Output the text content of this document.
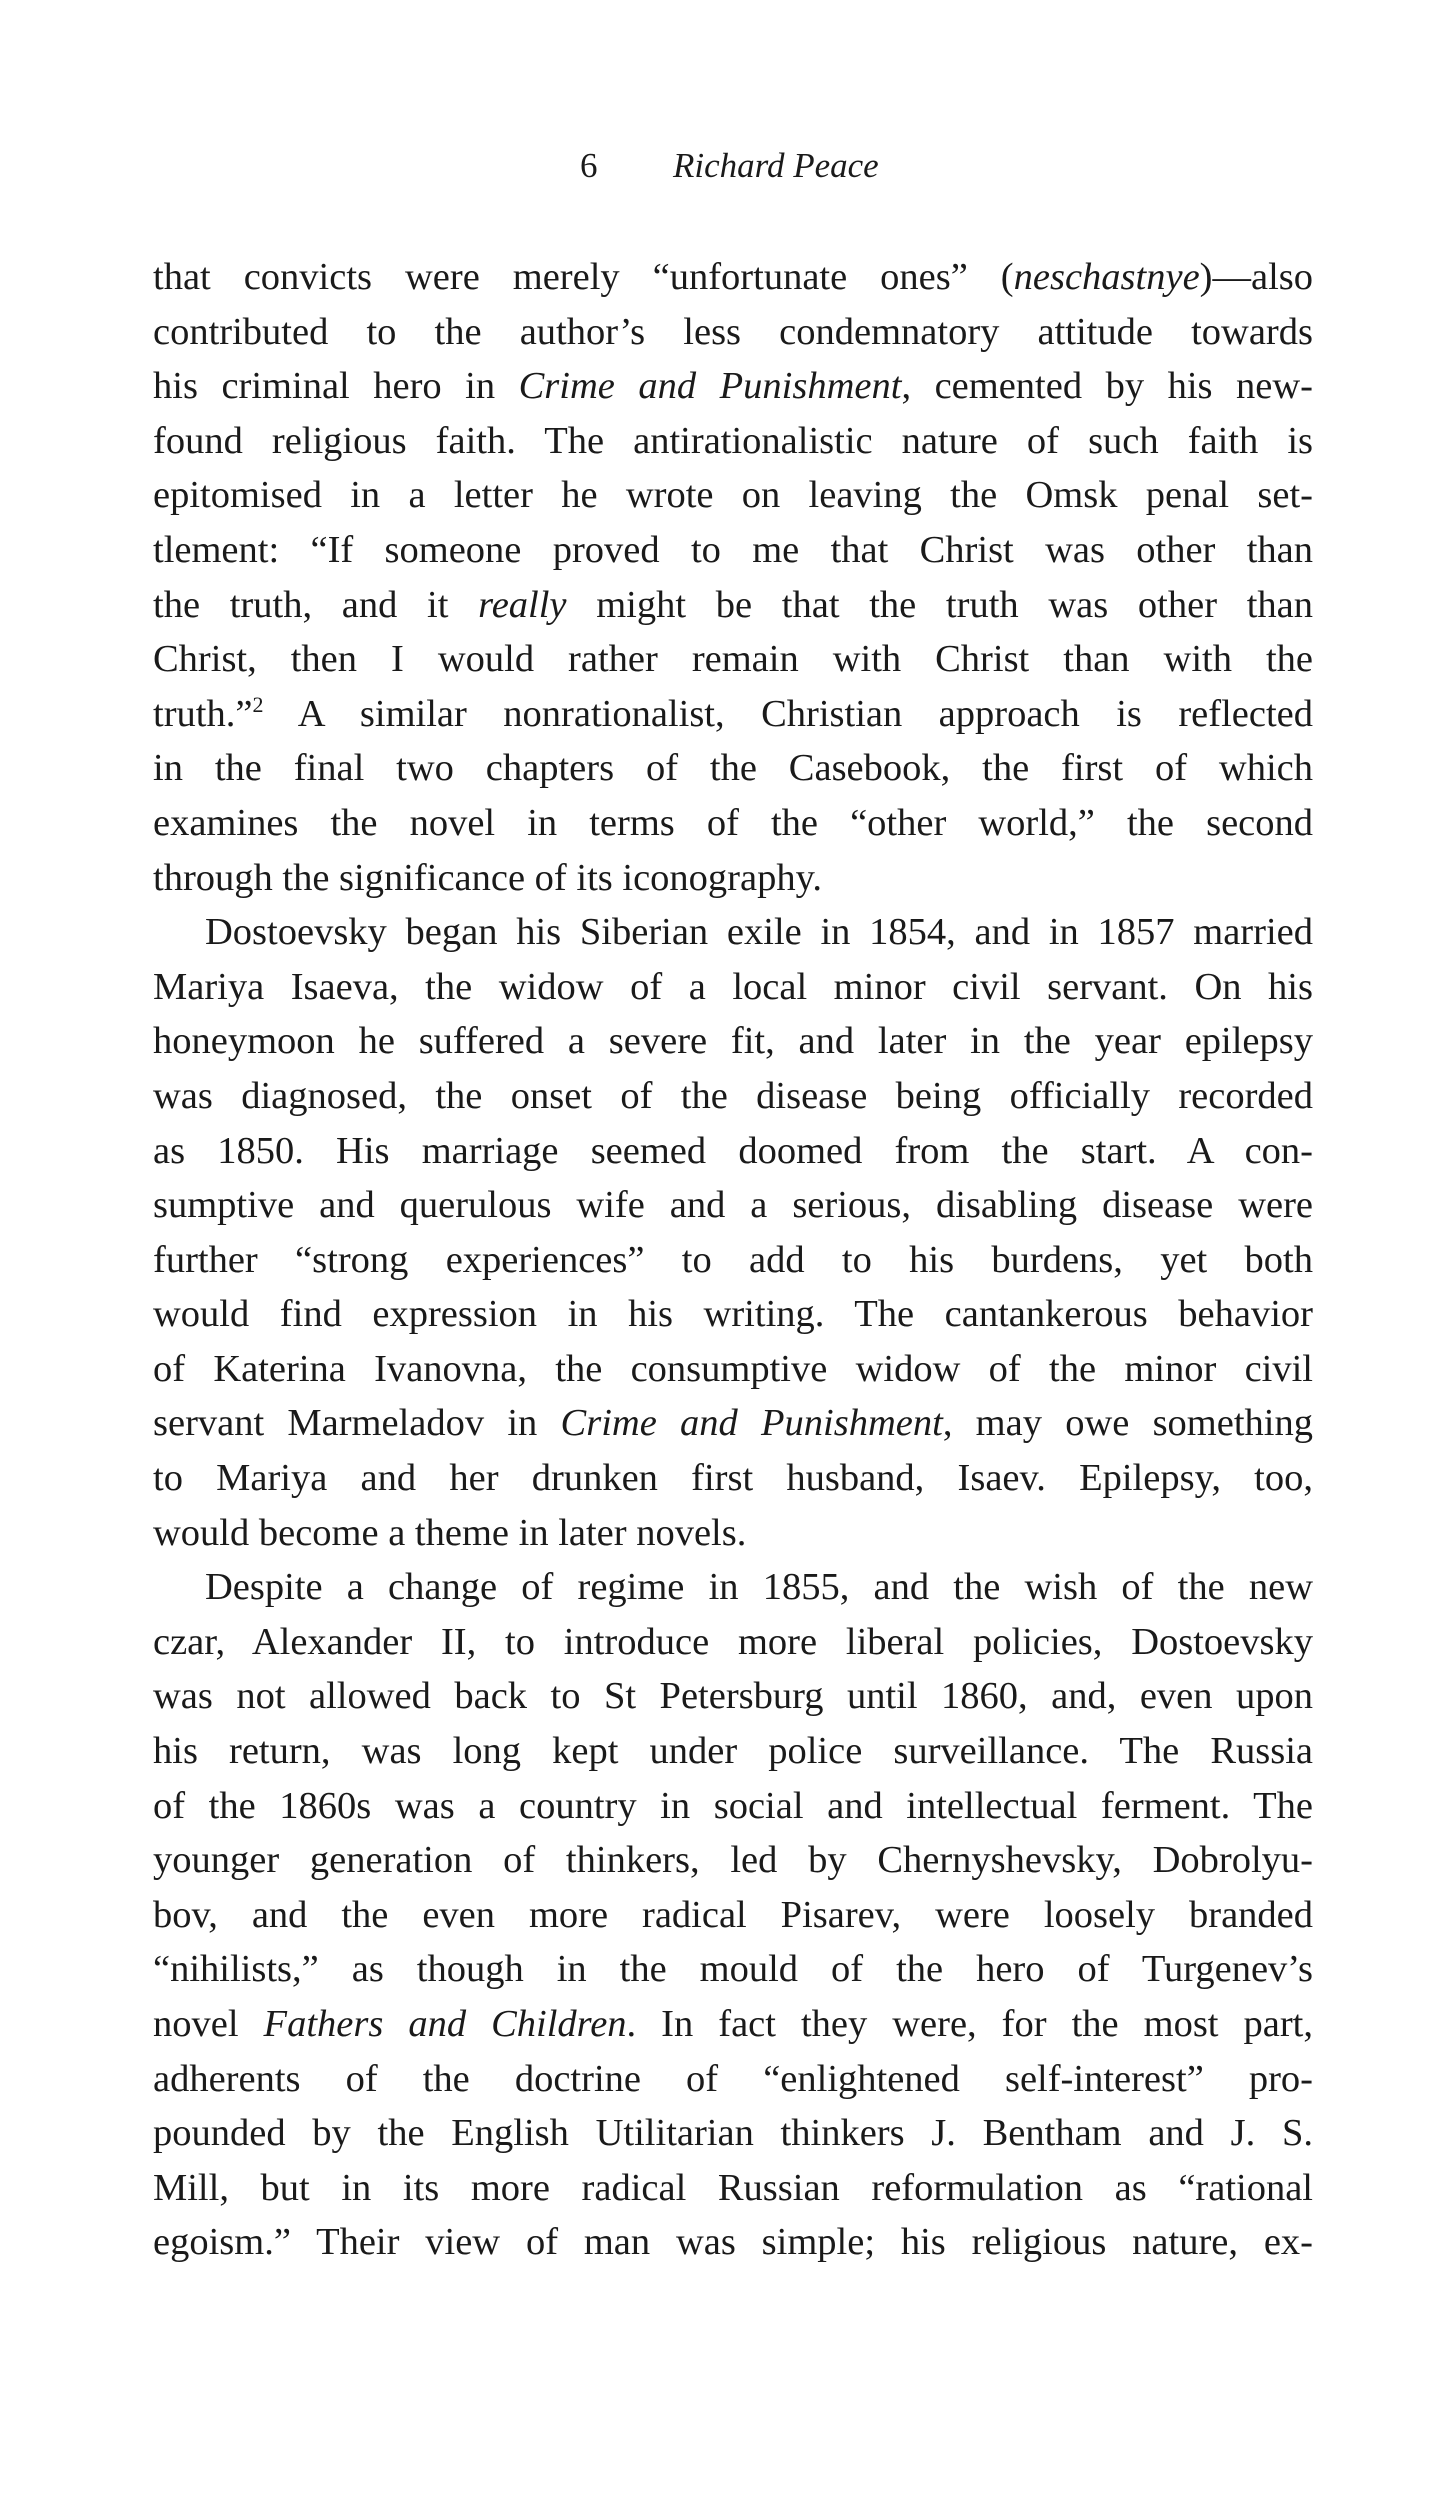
6 Richard Peace
that convicts were merely “unfortunate ones” (neschastnye)—also
contributed to the author’s less condemnatory attitude towards
his criminal hero in Crime and Punishment, cemented by his new-
found religious faith. The antirationalistic nature of such faith is
epitomised in a letter he wrote on leaving the Omsk penal set-
tlement: “If someone proved to me that Christ was other than
the truth, and it really might be that the truth was other than
Christ, then I would rather remain with Christ than with the
truth.”$^2$ A similar nonrationalist, Christian approach is reflected
in the final two chapters of the Casebook, the first of which
examines the novel in terms of the “other world,” the second
through the significance of its iconography.
Dostoevsky began his Siberian exile in 1854, and in 1857 married
Mariya Isaeva, the widow of a local minor civil servant. On his
honeymoon he suffered a severe fit, and later in the year epilepsy
was diagnosed, the onset of the disease being officially recorded
as 1850. His marriage seemed doomed from the start. A con-
sumptive and querulous wife and a serious, disabling disease were
further “strong experiences” to add to his burdens, yet both
would find expression in his writing. The cantankerous behavior
of Katerina Ivanovna, the consumptive widow of the minor civil
servant Marmeladov in Crime and Punishment, may owe something
to Mariya and her drunken first husband, Isaev. Epilepsy, too,
would become a theme in later novels.
Despite a change of regime in 1855, and the wish of the new
czar, Alexander II, to introduce more liberal policies, Dostoevsky
was not allowed back to St Petersburg until 1860, and, even upon
his return, was long kept under police surveillance. The Russia
of the 1860s was a country in social and intellectual ferment. The
younger generation of thinkers, led by Chernyshevsky, Dobrolyu-
bov, and the even more radical Pisarev, were loosely branded
“nihilists,” as though in the mould of the hero of Turgenev’s
novel Fathers and Children. In fact they were, for the most part,
adherents of the doctrine of “enlightened self-interest” pro-
pounded by the English Utilitarian thinkers J. Bentham and J. S.
Mill, but in its more radical Russian reformulation as “rational
egoism.” Their view of man was simple; his religious nature, ex-
